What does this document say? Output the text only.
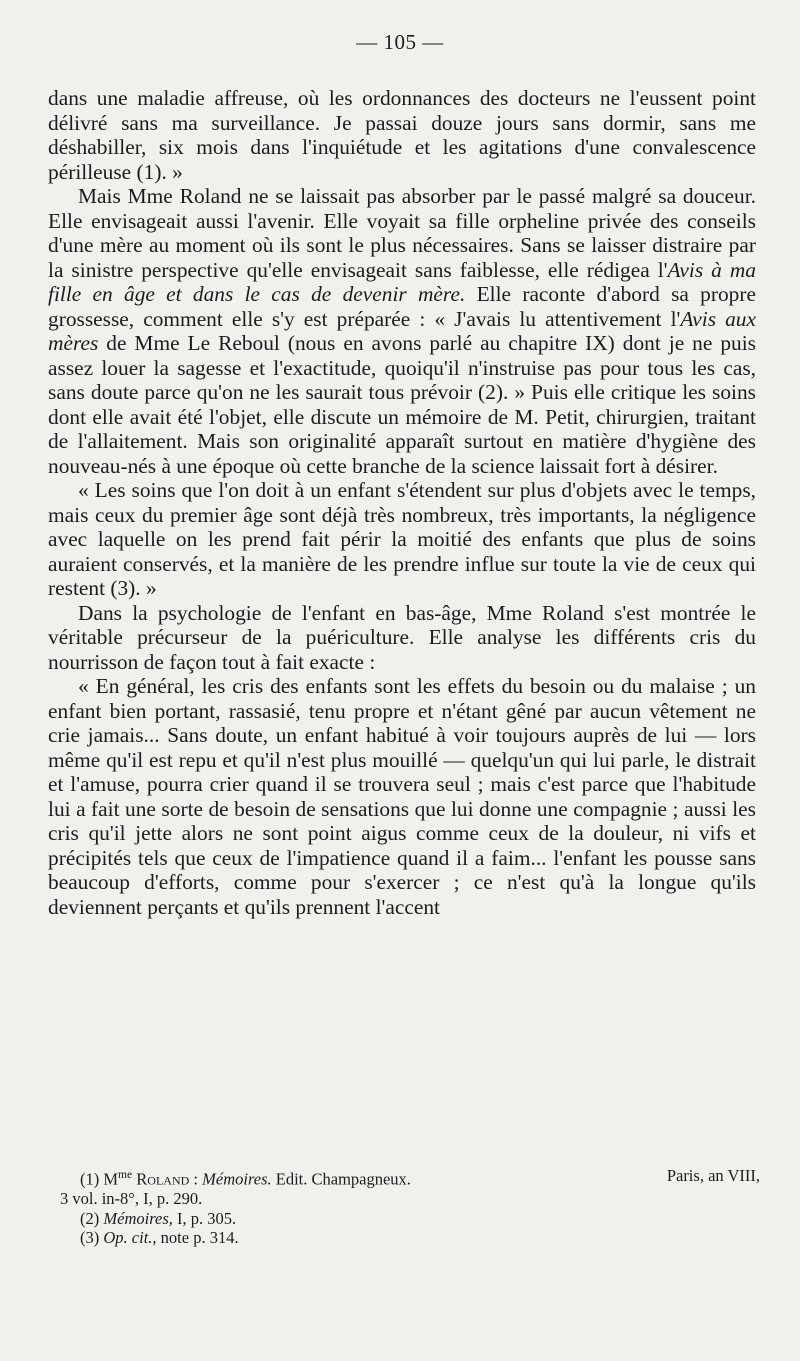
— 105 —

dans une maladie affreuse, où les ordonnances des docteurs ne l'eussent point délivré sans ma surveillance. Je passai douze jours sans dormir, sans me déshabiller, six mois dans l'inquiétude et les agitations d'une convalescence périlleuse (1). »

Mais Mme Roland ne se laissait pas absorber par le passé malgré sa douceur. Elle envisageait aussi l'avenir. Elle voyait sa fille orpheline privée des conseils d'une mère au moment où ils sont le plus nécessaires. Sans se laisser distraire par la sinistre perspective qu'elle envisageait sans faiblesse, elle rédigea l'Avis à ma fille en âge et dans le cas de devenir mère. Elle raconte d'abord sa propre grossesse, comment elle s'y est préparée : « J'avais lu attentivement l'Avis aux mères de Mme Le Reboul (nous en avons parlé au chapitre IX) dont je ne puis assez louer la sagesse et l'exactitude, quoiqu'il n'instruise pas pour tous les cas, sans doute parce qu'on ne les saurait tous prévoir (2). » Puis elle critique les soins dont elle avait été l'objet, elle discute un mémoire de M. Petit, chirurgien, traitant de l'allaitement. Mais son originalité apparaît surtout en matière d'hygiène des nouveau-nés à une époque où cette branche de la science laissait fort à désirer.

« Les soins que l'on doit à un enfant s'étendent sur plus d'objets avec le temps, mais ceux du premier âge sont déjà très nombreux, très importants, la négligence avec laquelle on les prend fait périr la moitié des enfants que plus de soins auraient conservés, et la manière de les prendre influe sur toute la vie de ceux qui restent (3). »

Dans la psychologie de l'enfant en bas-âge, Mme Roland s'est montrée le véritable précurseur de la puériculture. Elle analyse les différents cris du nourrisson de façon tout à fait exacte :

« En général, les cris des enfants sont les effets du besoin ou du malaise ; un enfant bien portant, rassasié, tenu propre et n'étant gêné par aucun vêtement ne crie jamais... Sans doute, un enfant habitué à voir toujours auprès de lui — lors même qu'il est repu et qu'il n'est plus mouillé — quelqu'un qui lui parle, le distrait et l'amuse, pourra crier quand il se trouvera seul ; mais c'est parce que l'habitude lui a fait une sorte de besoin de sensations que lui donne une compagnie ; aussi les cris qu'il jette alors ne sont point aigus comme ceux de la douleur, ni vifs et précipités tels que ceux de l'impatience quand il a faim... l'enfant les pousse sans beaucoup d'efforts, comme pour s'exercer ; ce n'est qu'à la longue qu'ils deviennent perçants et qu'ils prennent l'accent

(1) $M^{me}$ Roland : Mémoires. Edit. Champagneux.	Paris, an VIII,
3 vol. in-8°, I, p. 290.
(2) Mémoires, I, p. 305.
(3) Op. cit., note p. 314.
